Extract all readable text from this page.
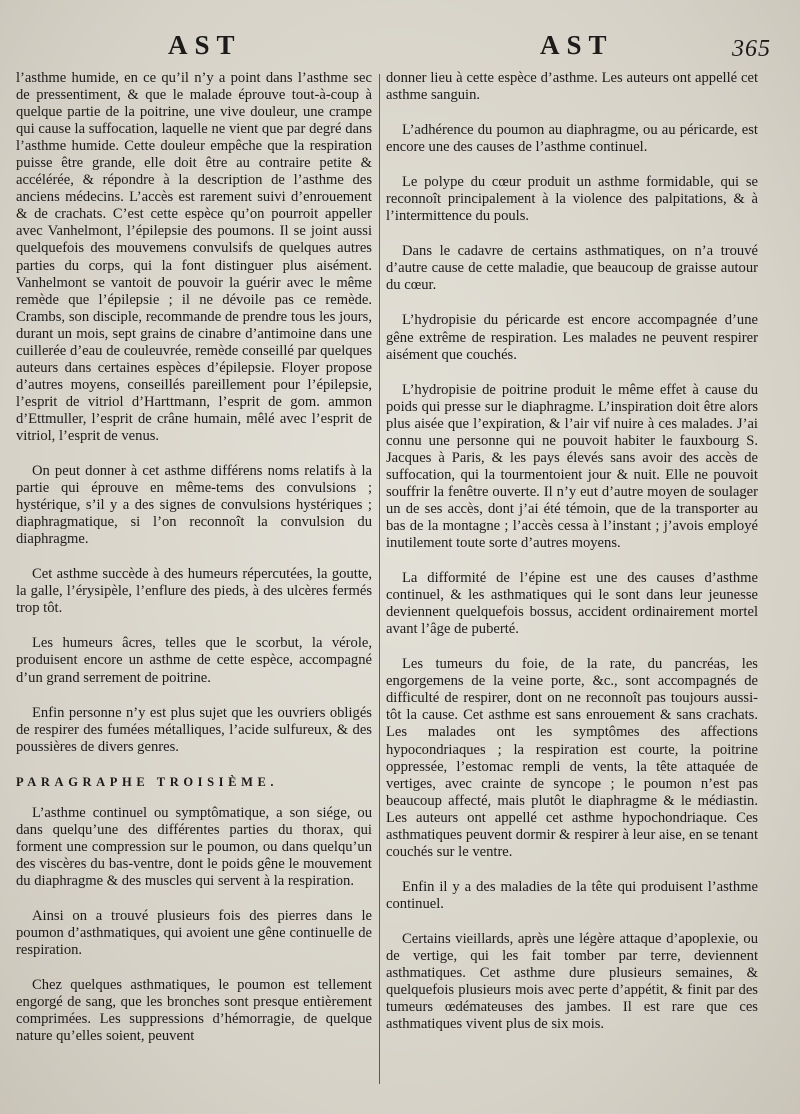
AST	AST	365

l’asthme humide, en ce qu’il n’y a point dans l’asthme sec de pressentiment, & que le malade éprouve tout-à-coup à quelque partie de la poitrine, une vive douleur, une crampe qui cause la suffocation, laquelle ne vient que par degré dans l’asthme humide. Cette douleur empêche que la respiration puisse être grande, elle doit être au contraire petite & accélérée, & répondre à la description de l’asthme des anciens médecins. L’accès est rarement suivi d’enrouement & de crachats. C’est cette espèce qu’on pourroit appeller avec Vanhelmont, l’épilepsie des poumons. Il se joint aussi quelquefois des mouvemens convulsifs de quelques autres parties du corps, qui la font distinguer plus aisément. Vanhelmont se vantoit de pouvoir la guérir avec le même remède que l’épilepsie ; il ne dévoile pas ce remède. Crambs, son disciple, recommande de prendre tous les jours, durant un mois, sept grains de cinabre d’antimoine dans une cuillerée d’eau de couleuvrée, remède conseillé par quelques auteurs dans certaines espèces d’épilepsie. Floyer propose d’autres moyens, conseillés pareillement pour l’épilepsie, l’esprit de vitriol d’Harttmann, l’esprit de gom. ammon d’Ettmuller, l’esprit de crâne humain, mêlé avec l’esprit de vitriol, l’esprit de venus.

On peut donner à cet asthme différens noms relatifs à la partie qui éprouve en même-tems des convulsions ; hystérique, s’il y a des signes de convulsions hystériques ; diaphragmatique, si l’on reconnoît la convulsion du diaphragme.

Cet asthme succède à des humeurs répercutées, la goutte, la galle, l’érysipèle, l’enflure des pieds, à des ulcères fermés trop tôt.

Les humeurs âcres, telles que le scorbut, la vérole, produisent encore un asthme de cette espèce, accompagné d’un grand serrement de poitrine.

Enfin personne n’y est plus sujet que les ouvriers obligés de respirer des fumées métalliques, l’acide sulfureux, & des poussières de divers genres.

PARAGRAPHE TROISIÈME.

L’asthme continuel ou symptômatique, a son siége, ou dans quelqu’une des différentes parties du thorax, qui forment une compression sur le poumon, ou dans quelqu’un des viscères du bas-ventre, dont le poids gêne le mouvement du diaphragme & des muscles qui servent à la respiration.

Ainsi on a trouvé plusieurs fois des pierres dans le poumon d’asthmatiques, qui avoient une gêne continuelle de respiration.

Chez quelques asthmatiques, le poumon est tellement engorgé de sang, que les bronches sont presque entièrement comprimées. Les suppressions d’hémorragie, de quelque nature qu’elles soient, peuvent

donner lieu à cette espèce d’asthme. Les auteurs ont appellé cet asthme sanguin.

L’adhérence du poumon au diaphragme, ou au péricarde, est encore une des causes de l’asthme continuel.

Le polype du cœur produit un asthme formidable, qui se reconnoît principalement à la violence des palpitations, & à l’intermittence du pouls.

Dans le cadavre de certains asthmatiques, on n’a trouvé d’autre cause de cette maladie, que beaucoup de graisse autour du cœur.

L’hydropisie du péricarde est encore accompagnée d’une gêne extrême de respiration. Les malades ne peuvent respirer aisément que couchés.

L’hydropisie de poitrine produit le même effet à cause du poids qui presse sur le diaphragme. L’inspiration doit être alors plus aisée que l’expiration, & l’air vif nuire à ces malades. J’ai connu une personne qui ne pouvoit habiter le fauxbourg S. Jacques à Paris, & les pays élevés sans avoir des accès de suffocation, qui la tourmentoient jour & nuit. Elle ne pouvoit souffrir la fenêtre ouverte. Il n’y eut d’autre moyen de soulager un de ses accès, dont j’ai été témoin, que de la transporter au bas de la montagne ; l’accès cessa à l’instant ; j’avois employé inutilement toute sorte d’autres moyens.

La difformité de l’épine est une des causes d’asthme continuel, & les asthmatiques qui le sont dans leur jeunesse deviennent quelquefois bossus, accident ordinairement mortel avant l’âge de puberté.

Les tumeurs du foie, de la rate, du pancréas, les engorgemens de la veine porte, &c., sont accompagnés de difficulté de respirer, dont on ne reconnoît pas toujours aussi-tôt la cause. Cet asthme est sans enrouement & sans crachats. Les malades ont les symptômes des affections hypocondriaques ; la respiration est courte, la poitrine oppressée, l’estomac rempli de vents, la tête attaquée de vertiges, avec crainte de syncope ; le poumon n’est pas beaucoup affecté, mais plutôt le diaphragme & le médiastin. Les auteurs ont appellé cet asthme hypochondriaque. Ces asthmatiques peuvent dormir & respirer à leur aise, en se tenant couchés sur le ventre.

Enfin il y a des maladies de la tête qui produisent l’asthme continuel.

Certains vieillards, après une légère attaque d’apoplexie, ou de vertige, qui les fait tomber par terre, deviennent asthmatiques. Cet asthme dure plusieurs semaines, & quelquefois plusieurs mois avec perte d’appétit, & finit par des tumeurs œdémateuses des jambes. Il est rare que ces asthmatiques vivent plus de six mois.
